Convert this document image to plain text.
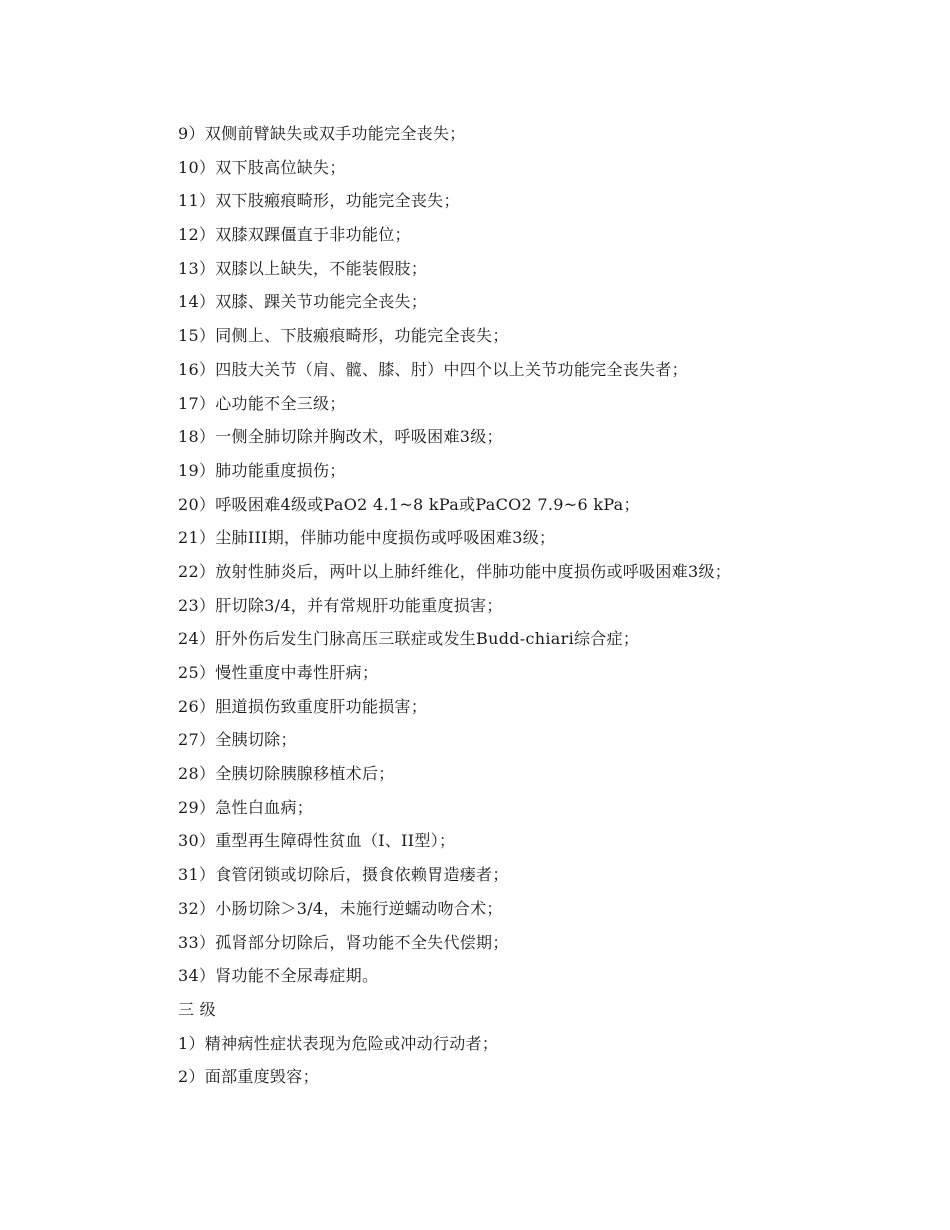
9）双侧前臂缺失或双手功能完全丧失；
10）双下肢高位缺失；
11）双下肢瘢痕畸形，功能完全丧失；
12）双膝双踝僵直于非功能位；
13）双膝以上缺失，不能装假肢；
14）双膝、踝关节功能完全丧失；
15）同侧上、下肢瘢痕畸形，功能完全丧失；
16）四肢大关节（肩、髋、膝、肘）中四个以上关节功能完全丧失者；
17）心功能不全三级；
18）一侧全肺切除并胸改术，呼吸困难3级；
19）肺功能重度损伤；
20）呼吸困难4级或PaO2 4.1~8 kPa或PaCO2 7.9~6 kPa；
21）尘肺III期，伴肺功能中度损伤或呼吸困难3级；
22）放射性肺炎后，两叶以上肺纤维化，伴肺功能中度损伤或呼吸困难3级；
23）肝切除3/4，并有常规肝功能重度损害；
24）肝外伤后发生门脉高压三联症或发生Budd-chiari综合症；
25）慢性重度中毒性肝病；
26）胆道损伤致重度肝功能损害；
27）全胰切除；
28）全胰切除胰腺移植术后；
29）急性白血病；
30）重型再生障碍性贫血（I、II型）；
31）食管闭锁或切除后，摄食依赖胃造瘘者；
32）小肠切除＞3/4，未施行逆蠕动吻合术；
33）孤肾部分切除后，肾功能不全失代偿期；
34）肾功能不全尿毒症期。
三 级
1）精神病性症状表现为危险或冲动行动者；
2）面部重度毁容；
